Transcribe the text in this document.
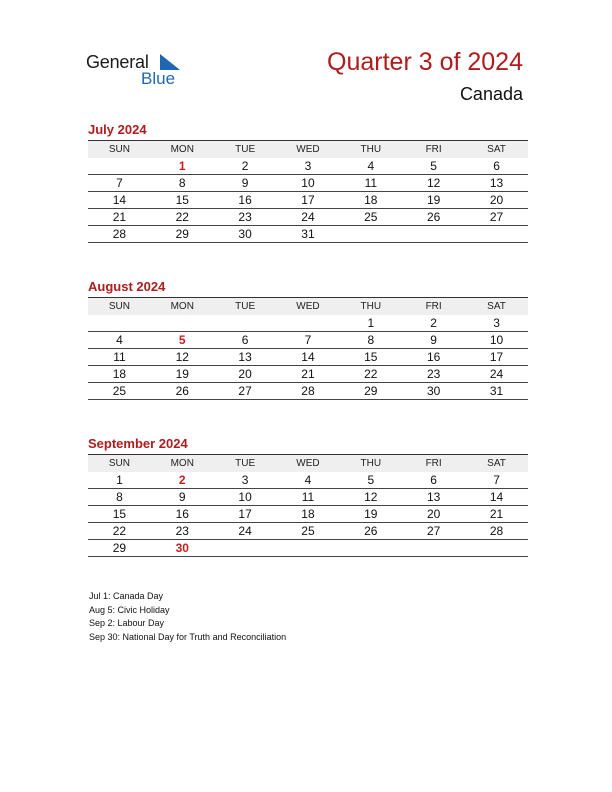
General
Blue
Quarter 3 of 2024
Canada
July 2024
SUN	MON	TUE	WED	THU	FRI	SAT
	1	2	3	4	5	6
7	8	9	10	11	12	13
14	15	16	17	18	19	20
21	22	23	24	25	26	27
28	29	30	31			
August 2024
SUN	MON	TUE	WED	THU	FRI	SAT
				1	2	3
4	5	6	7	8	9	10
11	12	13	14	15	16	17
18	19	20	21	22	23	24
25	26	27	28	29	30	31
September 2024
SUN	MON	TUE	WED	THU	FRI	SAT
1	2	3	4	5	6	7
8	9	10	11	12	13	14
15	16	17	18	19	20	21
22	23	24	25	26	27	28
29	30					
Jul 1: Canada Day
Aug 5: Civic Holiday
Sep 2: Labour Day
Sep 30: National Day for Truth and Reconciliation
